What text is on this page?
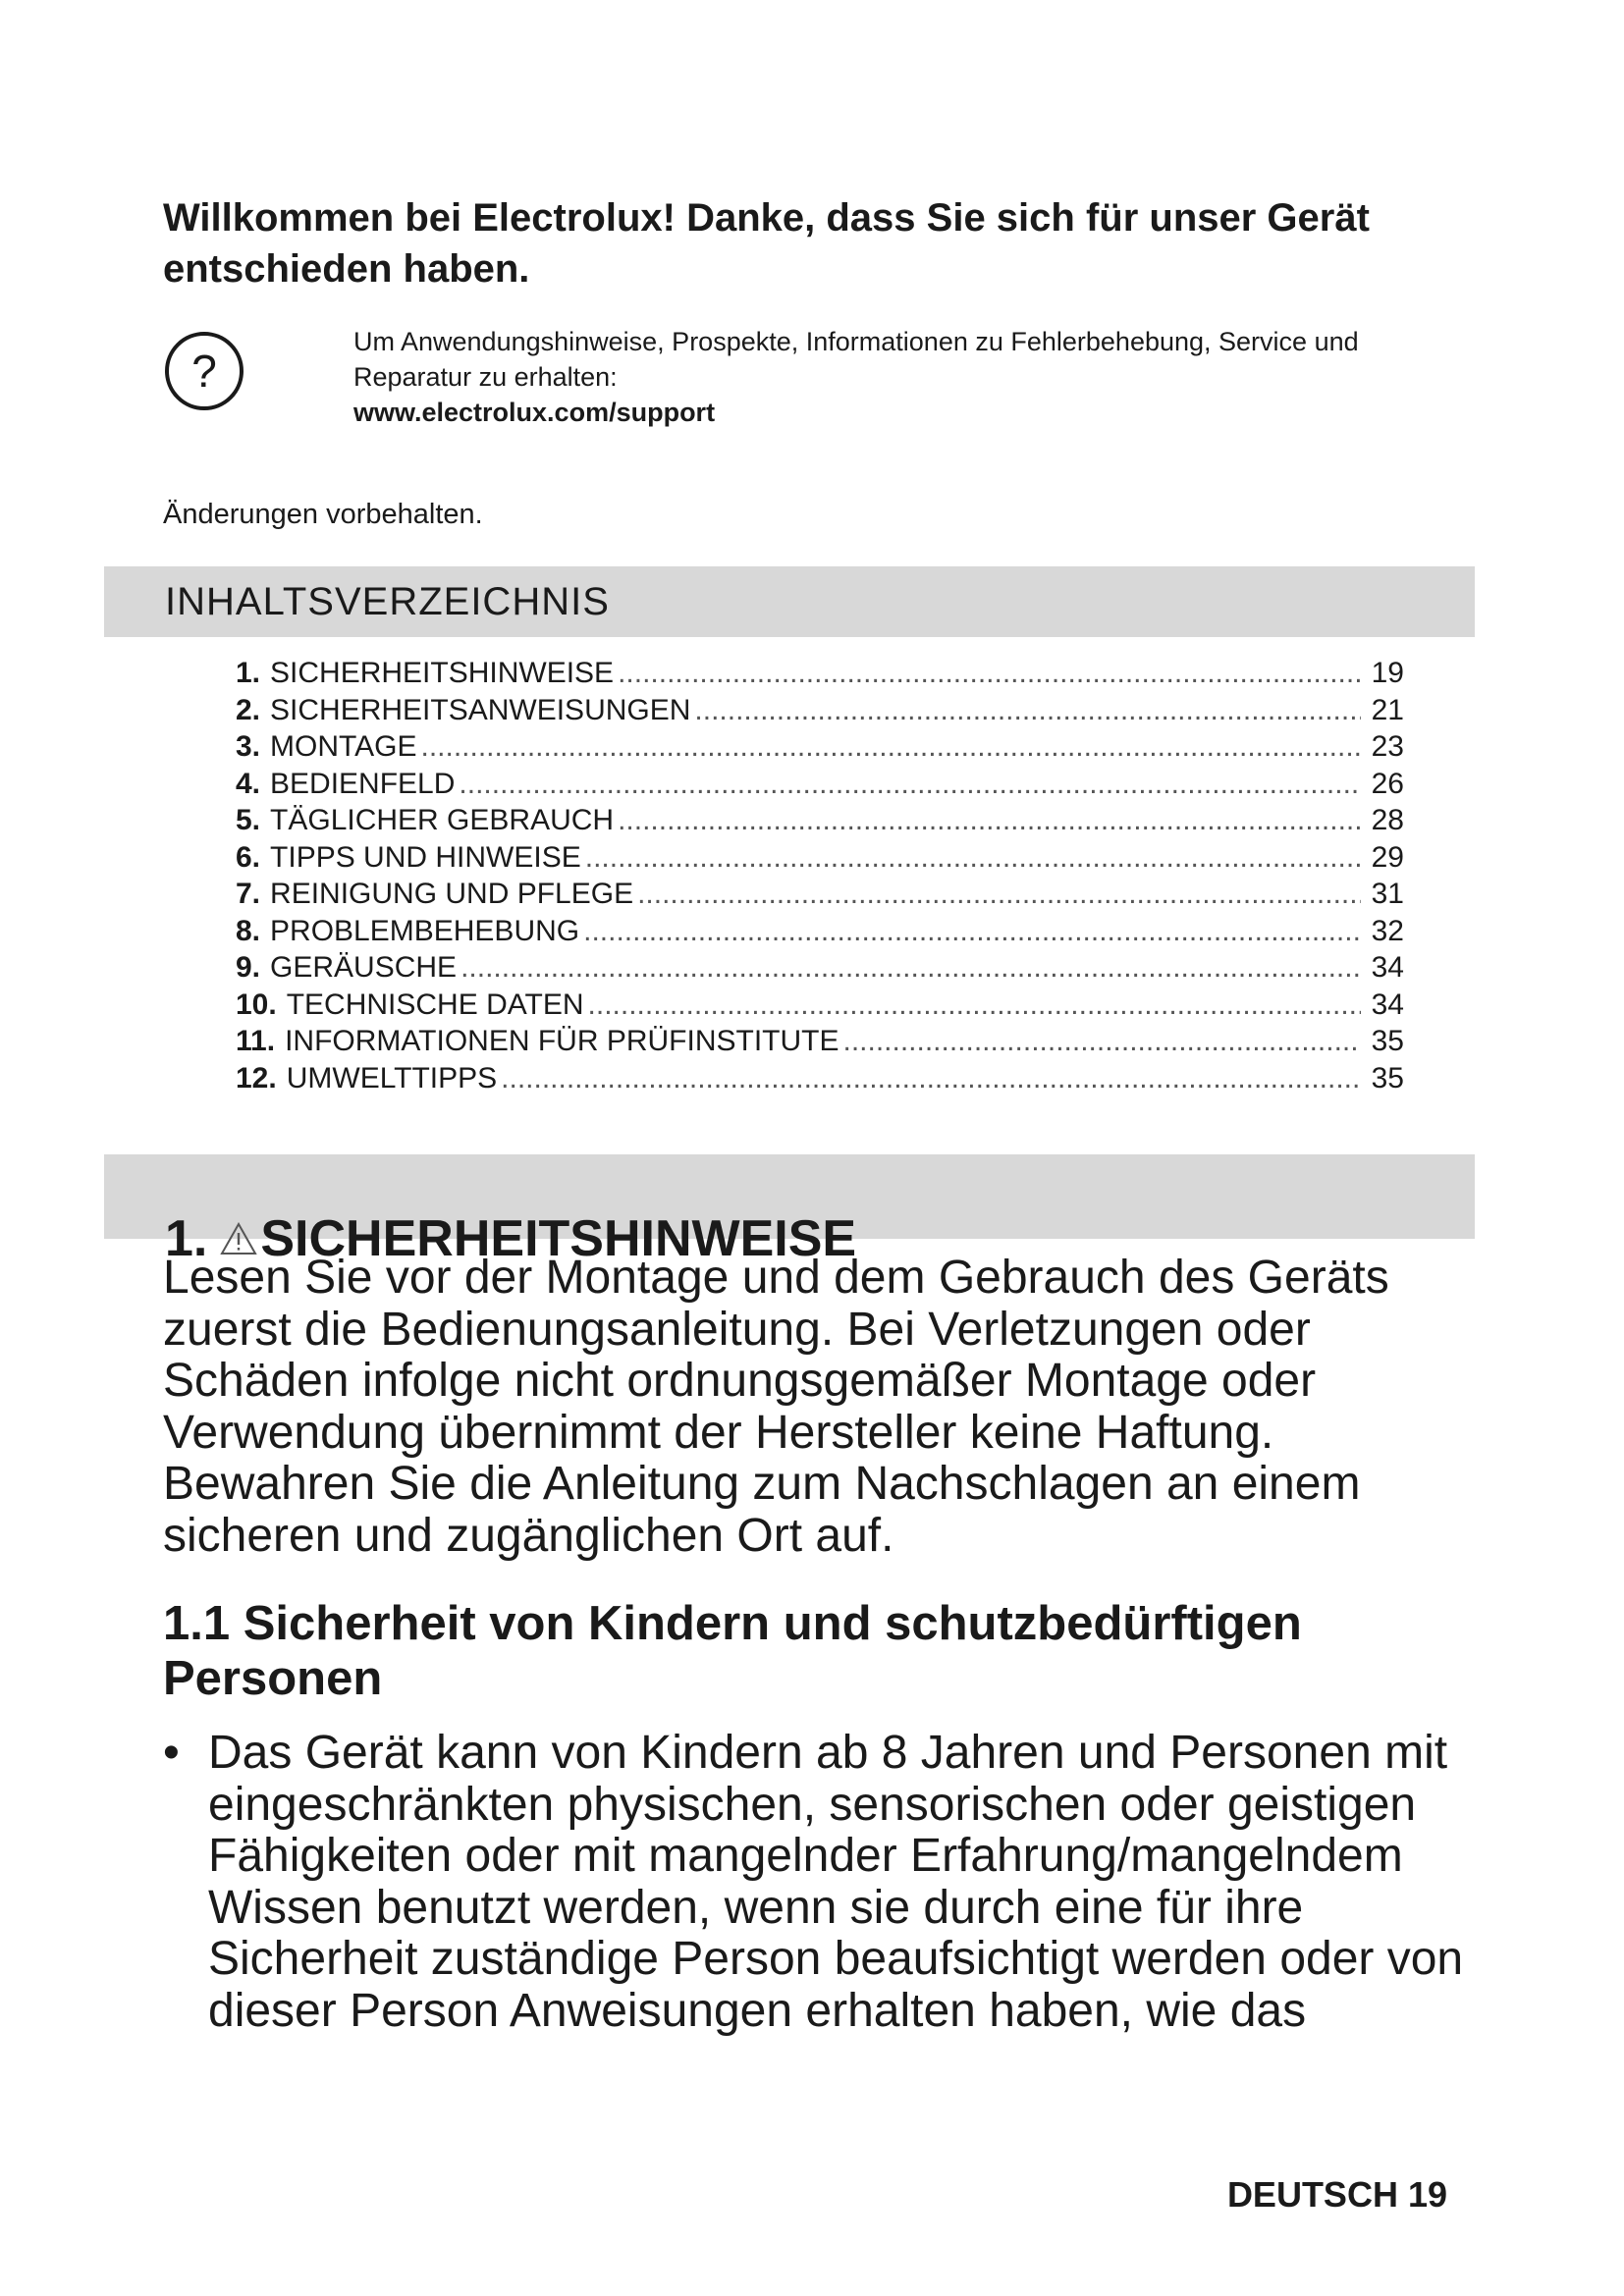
Willkommen bei Electrolux! Danke, dass Sie sich für unser Gerät entschieden haben.
?
Um Anwendungshinweise, Prospekte, Informationen zu Fehlerbehebung, Service und Reparatur zu erhalten:
www.electrolux.com/support
Änderungen vorbehalten.
INHALTSVERZEICHNIS
1. SICHERHEITSHINWEISE .....	19
2. SICHERHEITSANWEISUNGEN .....	21
3. MONTAGE .....	23
4. BEDIENFELD .....	26
5. TÄGLICHER GEBRAUCH .....	28
6. TIPPS UND HINWEISE .....	29
7. REINIGUNG UND PFLEGE .....	31
8. PROBLEMBEHEBUNG .....	32
9. GERÄUSCHE .....	34
10. TECHNISCHE DATEN .....	34
11. INFORMATIONEN FÜR PRÜFINSTITUTE .....	35
12. UMWELTTIPPS .....	35
1. SICHERHEITSHINWEISE

Lesen Sie vor der Montage und dem Gebrauch des Geräts zuerst die Bedienungsanleitung. Bei Verletzungen oder Schäden infolge nicht ordnungsgemäßer Montage oder Verwendung übernimmt der Hersteller keine Haftung. Bewahren Sie die Anleitung zum Nachschlagen an einem sicheren und zugänglichen Ort auf.

1.1 Sicherheit von Kindern und schutzbedürftigen Personen

• Das Gerät kann von Kindern ab 8 Jahren und Personen mit eingeschränkten physischen, sensorischen oder geistigen Fähigkeiten oder mit mangelnder Erfahrung/mangelndem Wissen benutzt werden, wenn sie durch eine für ihre Sicherheit zuständige Person beaufsichtigt werden oder von dieser Person Anweisungen erhalten haben, wie das

DEUTSCH 19
